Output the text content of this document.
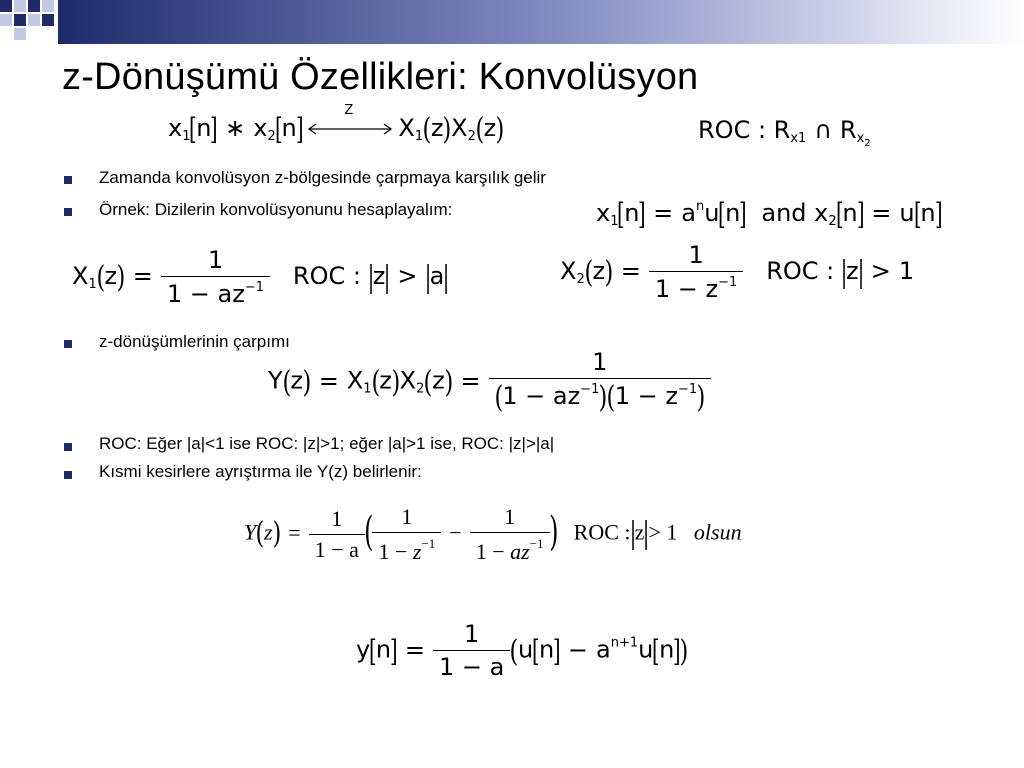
z-Dönüşümü Özellikleri: Konvolüsyon
$x_1[n]$ ∗ $x_2[n]$
Z
$X_1(z)X_2(z)$	ROC : $R_{x1}$ ∩ $R_{x_2}$
Zamanda konvolüsyon z-bölgesinde çarpmaya karşılık gelir
Örnek: Dizilerin konvolüsyonunu hesaplayalım:	$x_1[n] = a^nu[n]$ and $x_2[n] = u[n]$
$X_1(z) = \frac{1}{1 - az^{-1}}$ ROC : |z| > |a|	$X_2(z) = \frac{1}{1 - z^{-1}}$ ROC : |z| > 1
z-dönüşümlerinin çarpımı
$Y(z) = X_1(z)X_2(z) = \frac{1}{(1 - az^{-1})(1 - z^{-1})}$
ROC: Eğer |a|<1 ise ROC: |z|>1; eğer |a|>1 ise, ROC: |z|>|a|
Kısmi kesirlere ayrıştırma ile Y(z) belirlenir:
$Y(z) = \frac{1}{1 - a}$ ( $\frac{1}{1 - z^{-1}} - \frac{1}{1 - az^{-1}}$ ) ROC :|z|> 1 olsun
$y[n] = \frac{1}{1 - a} (u[n] - a^{n+1}u[n])$
